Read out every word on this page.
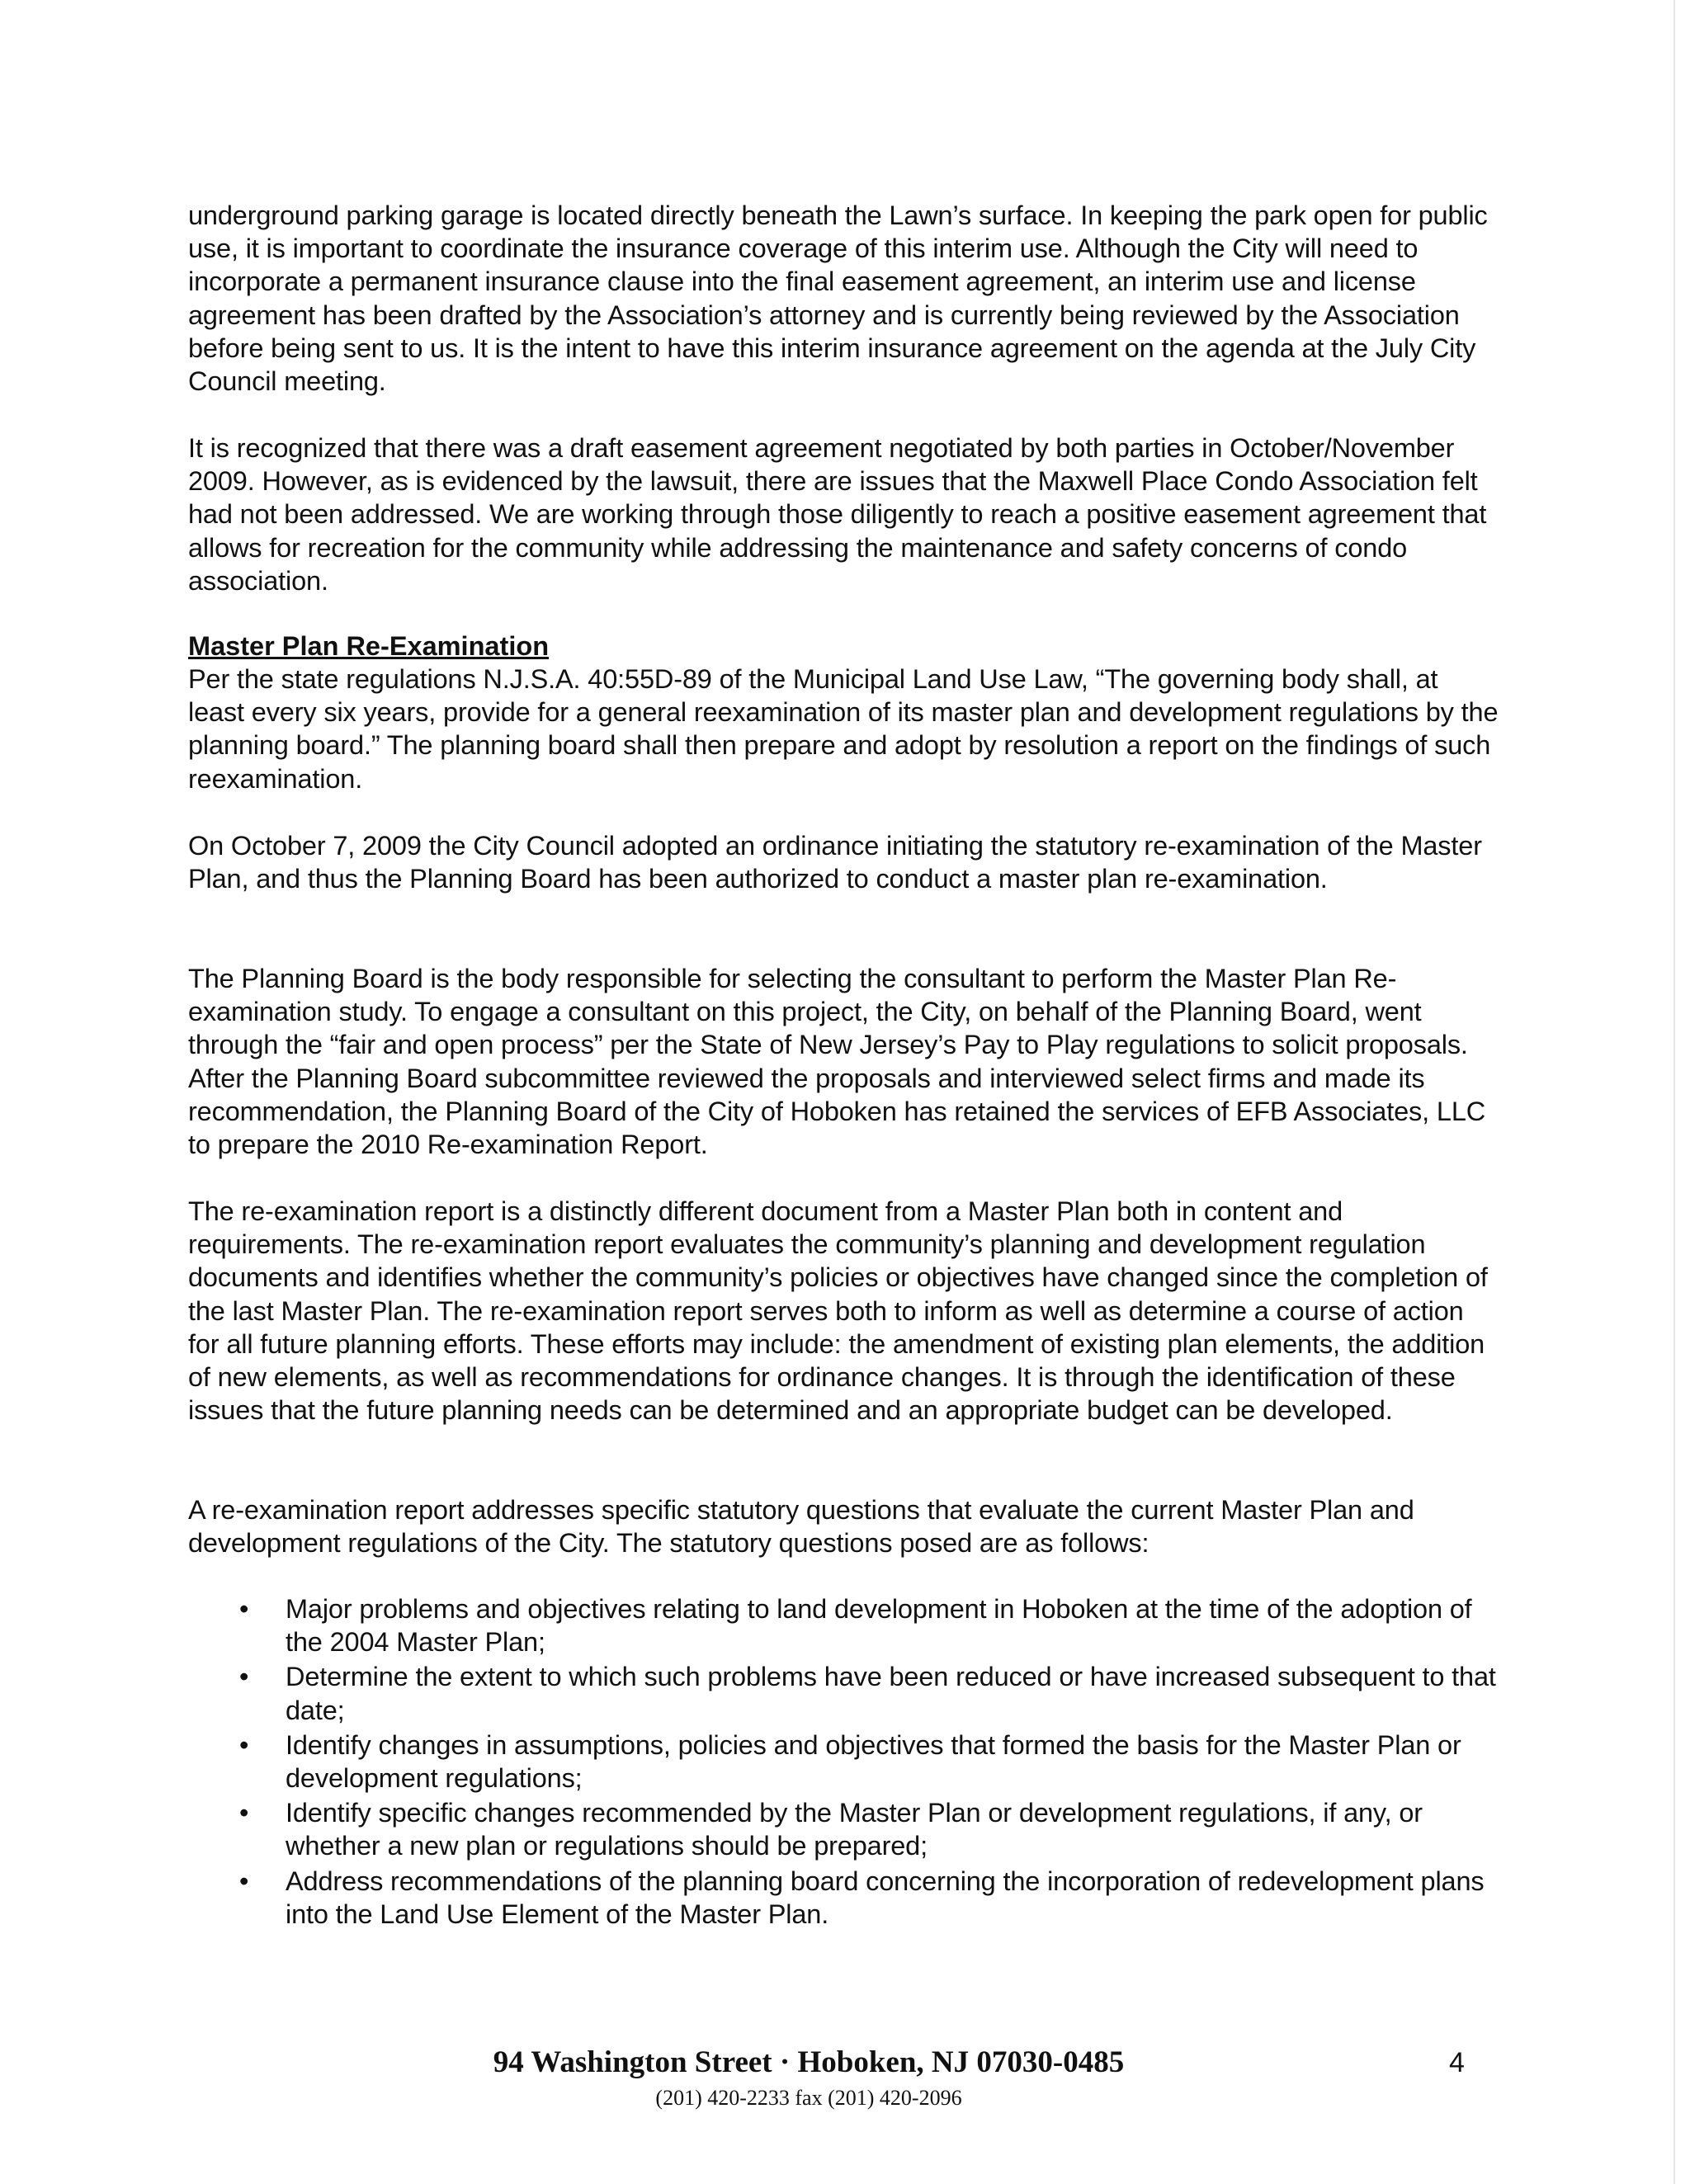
underground parking garage is located directly beneath the Lawn’s surface. In keeping the park open for public use, it is important to coordinate the insurance coverage of this interim use. Although the City will need to incorporate a permanent insurance clause into the final easement agreement, an interim use and license agreement has been drafted by the Association’s attorney and is currently being reviewed by the Association before being sent to us. It is the intent to have this interim insurance agreement on the agenda at the July City Council meeting.

It is recognized that there was a draft easement agreement negotiated by both parties in October/November 2009. However, as is evidenced by the lawsuit, there are issues that the Maxwell Place Condo Association felt had not been addressed. We are working through those diligently to reach a positive easement agreement that allows for recreation for the community while addressing the maintenance and safety concerns of condo association.

Master Plan Re-Examination

Per the state regulations N.J.S.A. 40:55D-89 of the Municipal Land Use Law, “The governing body shall, at least every six years, provide for a general reexamination of its master plan and development regulations by the planning board.” The planning board shall then prepare and adopt by resolution a report on the findings of such reexamination.

On October 7, 2009 the City Council adopted an ordinance initiating the statutory re-examination of the Master Plan, and thus the Planning Board has been authorized to conduct a master plan re-examination.

The Planning Board is the body responsible for selecting the consultant to perform the Master Plan Re-examination study. To engage a consultant on this project, the City, on behalf of the Planning Board, went through the “fair and open process” per the State of New Jersey’s Pay to Play regulations to solicit proposals. After the Planning Board subcommittee reviewed the proposals and interviewed select firms and made its recommendation, the Planning Board of the City of Hoboken has retained the services of EFB Associates, LLC to prepare the 2010 Re-examination Report.

The re-examination report is a distinctly different document from a Master Plan both in content and requirements. The re-examination report evaluates the community’s planning and development regulation documents and identifies whether the community’s policies or objectives have changed since the completion of the last Master Plan. The re-examination report serves both to inform as well as determine a course of action for all future planning efforts. These efforts may include: the amendment of existing plan elements, the addition of new elements, as well as recommendations for ordinance changes. It is through the identification of these issues that the future planning needs can be determined and an appropriate budget can be developed.

A re-examination report addresses specific statutory questions that evaluate the current Master Plan and development regulations of the City. The statutory questions posed are as follows:

• Major problems and objectives relating to land development in Hoboken at the time of the adoption of the 2004 Master Plan;
• Determine the extent to which such problems have been reduced or have increased subsequent to that date;
• Identify changes in assumptions, policies and objectives that formed the basis for the Master Plan or development regulations;
• Identify specific changes recommended by the Master Plan or development regulations, if any, or whether a new plan or regulations should be prepared;
• Address recommendations of the planning board concerning the incorporation of redevelopment plans into the Land Use Element of the Master Plan.
94 Washington Street · Hoboken, NJ 07030-0485
(201) 420-2233 fax (201) 420-2096
4
